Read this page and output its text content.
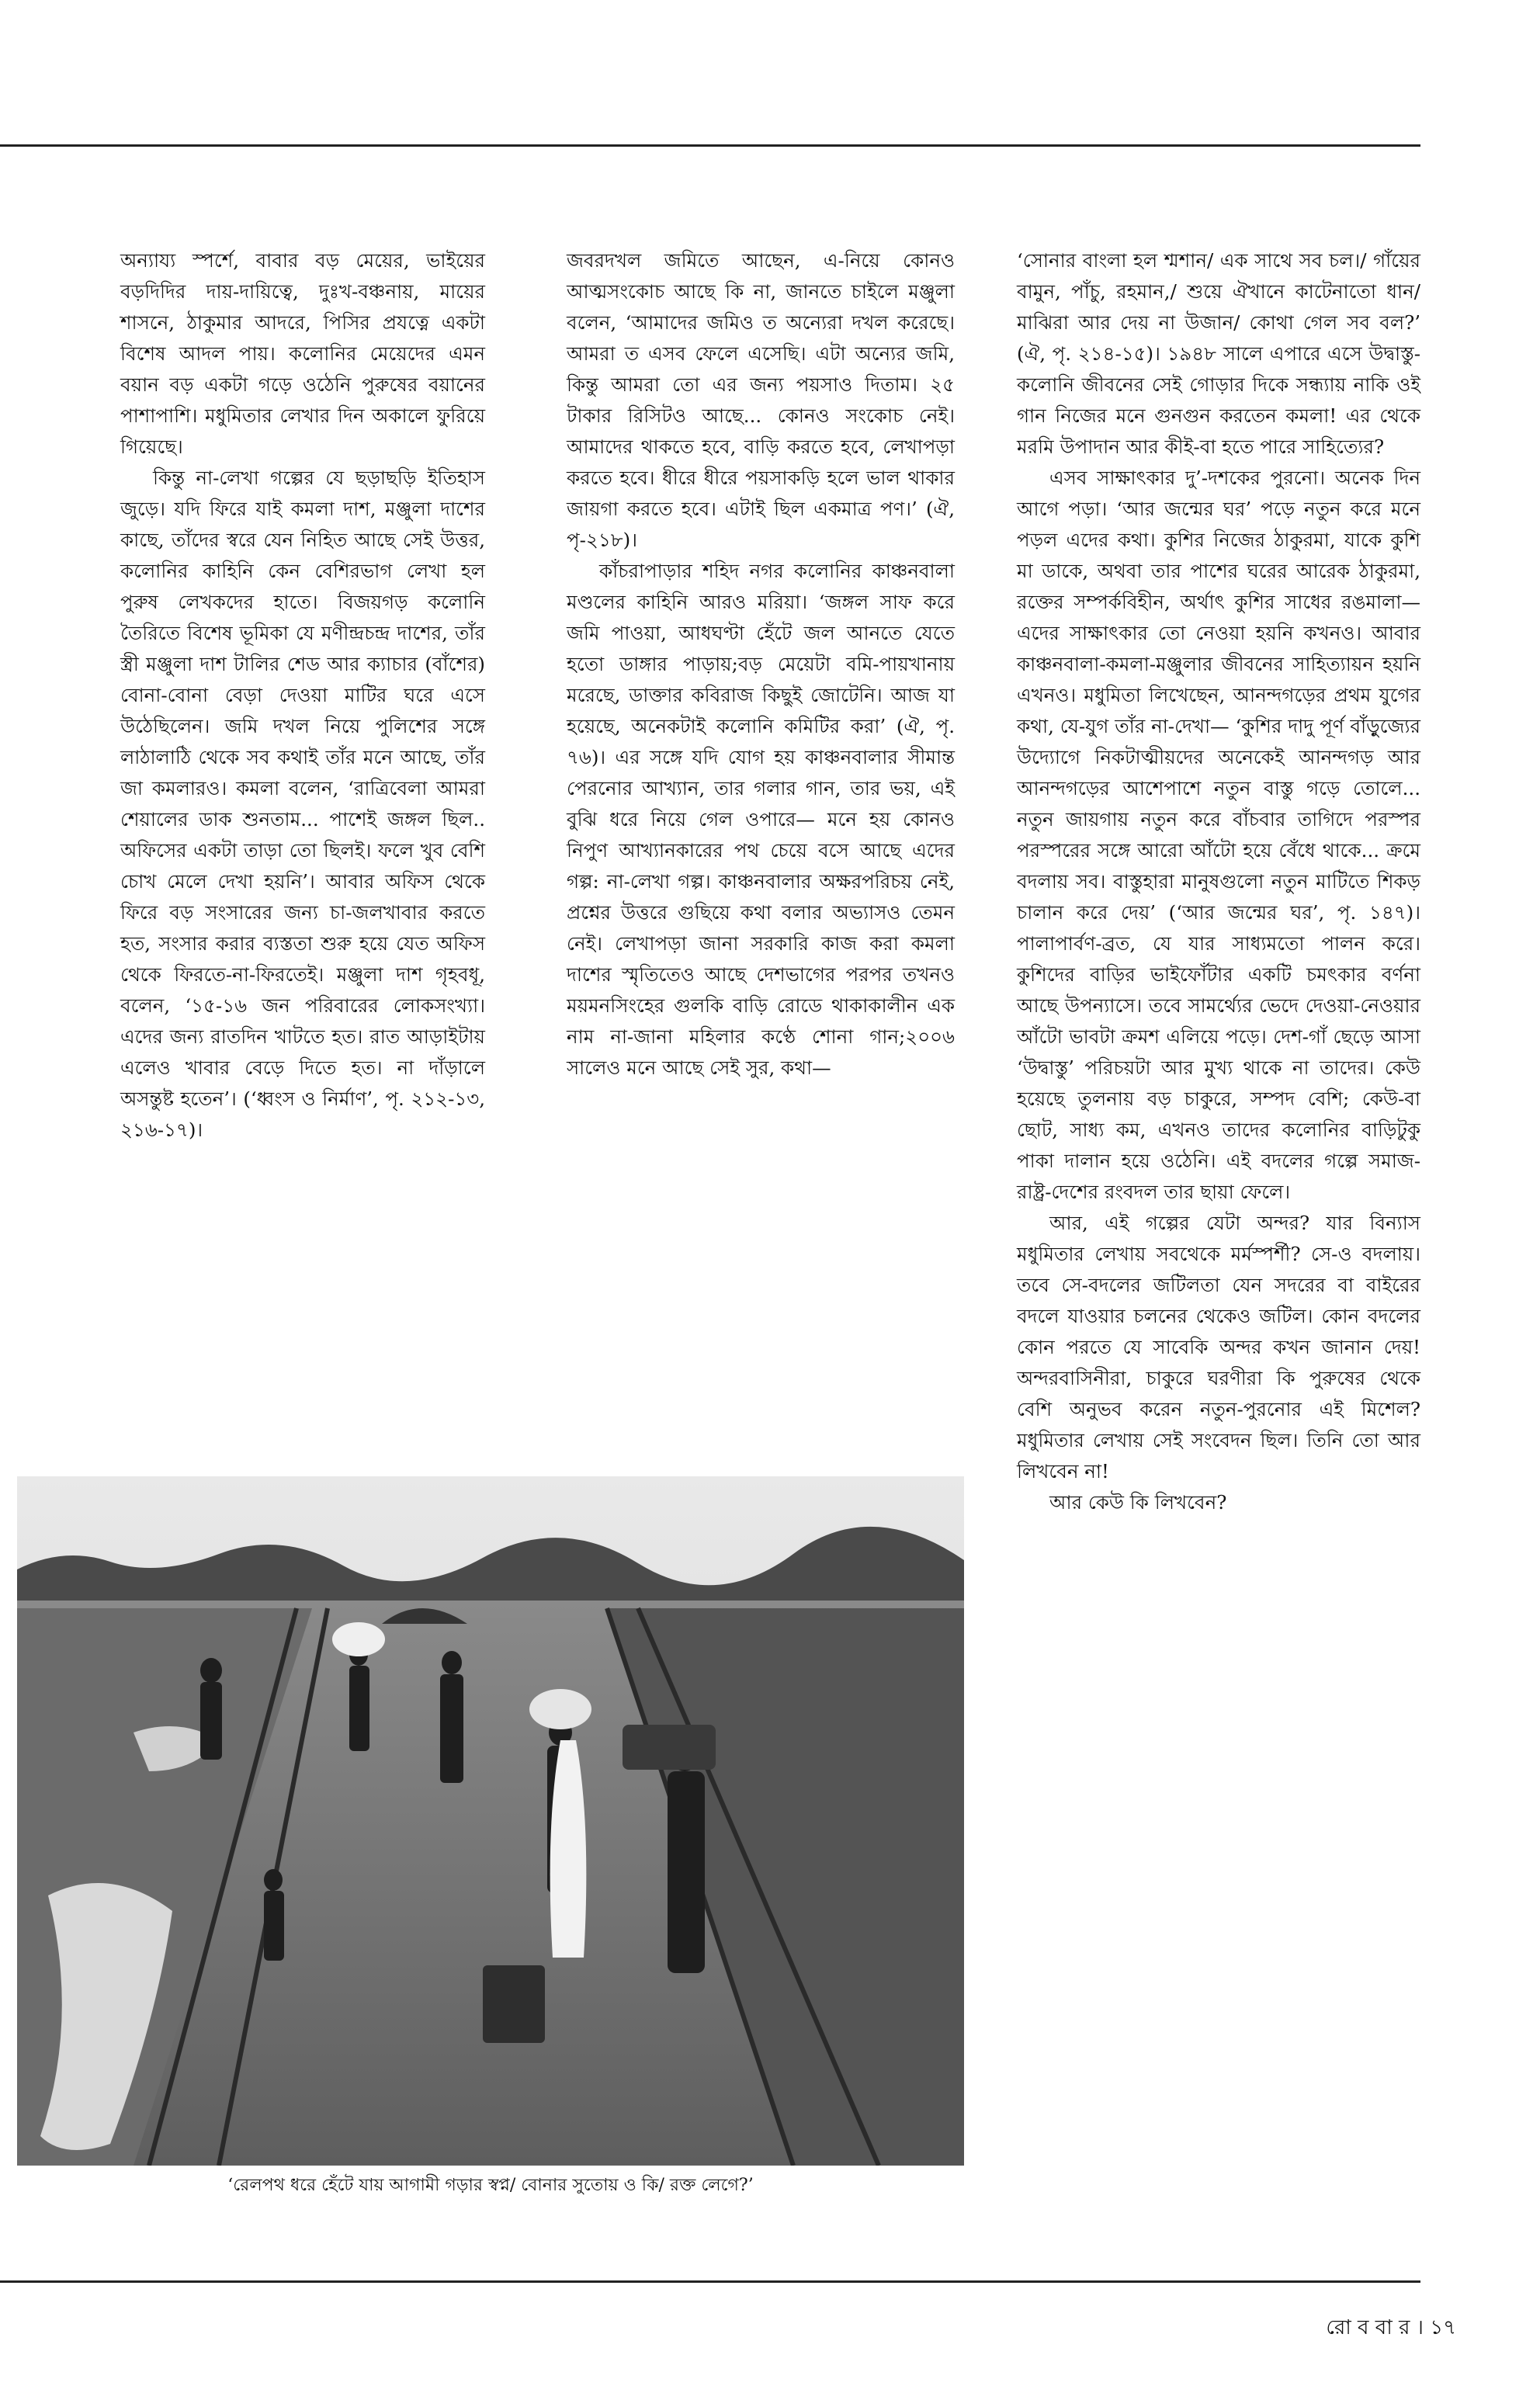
অন্যায্য স্পর্শে, বাবার বড় মেয়ের, ভাইয়ের বড়দিদির দায়-দায়িত্বে, দুঃখ-বঞ্চনায়, মায়ের শাসনে, ঠাকুমার আদরে, পিসির প্রযত্নে একটা বিশেষ আদল পায়। কলোনির মেয়েদের এমন বয়ান বড় একটা গড়ে ওঠেনি পুরুষের বয়ানের পাশাপাশি। মধুমিতার লেখার দিন অকালে ফুরিয়ে গিয়েছে।

কিন্তু না-লেখা গল্পের যে ছড়াছড়ি ইতিহাস জুড়ে। যদি ফিরে যাই কমলা দাশ, মঞ্জুলা দাশের কাছে, তাঁদের স্বরে যেন নিহিত আছে সেই উত্তর, কলোনির কাহিনি কেন বেশিরভাগ লেখা হল পুরুষ লেখকদের হাতে। বিজয়গড় কলোনি তৈরিতে বিশেষ ভূমিকা যে মণীন্দ্রচন্দ্র দাশের, তাঁর স্ত্রী মঞ্জুলা দাশ টালির শেড আর ক্যাচার (বাঁশের) বোনা-বোনা বেড়া দেওয়া মাটির ঘরে এসে উঠেছিলেন। জমি দখল নিয়ে পুলিশের সঙ্গে লাঠালাঠি থেকে সব কথাই তাঁর মনে আছে, তাঁর জা কমলারও। কমলা বলেন, ‘রাত্রিবেলা আমরা শেয়ালের ডাক শুনতাম... পাশেই জঙ্গল ছিল.. অফিসের একটা তাড়া তো ছিলই। ফলে খুব বেশি চোখ মেলে দেখা হয়নি’। আবার অফিস থেকে ফিরে বড় সংসারের জন্য চা-জলখাবার করতে হত, সংসার করার ব্যস্ততা শুরু হয়ে যেত অফিস থেকে ফিরতে-না-ফিরতেই। মঞ্জুলা দাশ গৃহবধূ, বলেন, ‘১৫-১৬ জন পরিবারের লোকসংখ্যা। এদের জন্য রাতদিন খাটতে হত। রাত আড়াইটায় এলেও খাবার বেড়ে দিতে হত। না দাঁড়ালে অসন্তুষ্ট হতেন’। (‘ধ্বংস ও নির্মাণ’, পৃ. ২১২-১৩, ২১৬-১৭)।

জবরদখল জমিতে আছেন, এ-নিয়ে কোনও আত্মসংকোচ আছে কি না, জানতে চাইলে মঞ্জুলা বলেন, ‘আমাদের জমিও ত অন্যেরা দখল করেছে। আমরা ত এসব ফেলে এসেছি। এটা অন্যের জমি, কিন্তু আমরা তো এর জন্য পয়সাও দিতাম। ২৫ টাকার রিসিটও আছে... কোনও সংকোচ নেই। আমাদের থাকতে হবে, বাড়ি করতে হবে, লেখাপড়া করতে হবে। ধীরে ধীরে পয়সাকড়ি হলে ভাল থাকার জায়গা করতে হবে। এটাই ছিল একমাত্র পণ।’ (ঐ, পৃ-২১৮)।

কাঁচরাপাড়ার শহিদ নগর কলোনির কাঞ্চনবালা মণ্ডলের কাহিনি আরও মরিয়া। ‘জঙ্গল সাফ করে জমি পাওয়া, আধঘণ্টা হেঁটে জল আনতে যেতে হতো ডাঙ্গার পাড়ায়;বড় মেয়েটা বমি-পায়খানায় মরেছে, ডাক্তার কবিরাজ কিছুই জোটেনি। আজ যা হয়েছে, অনেকটাই কলোনি কমিটির করা’ (ঐ, পৃ. ৭৬)। এর সঙ্গে যদি যোগ হয় কাঞ্চনবালার সীমান্ত পেরনোর আখ্যান, তার গলার গান, তার ভয়, এই বুঝি ধরে নিয়ে গেল ওপারে— মনে হয় কোনও নিপুণ আখ্যানকারের পথ চেয়ে বসে আছে এদের গল্প: না-লেখা গল্প। কাঞ্চনবালার অক্ষরপরিচয় নেই, প্রশ্নের উত্তরে গুছিয়ে কথা বলার অভ্যাসও তেমন নেই। লেখাপড়া জানা সরকারি কাজ করা কমলা দাশের স্মৃতিতেও আছে দেশভাগের পরপর তখনও ময়মনসিংহের গুলকি বাড়ি রোডে থাকাকালীন এক নাম না-জানা মহিলার কণ্ঠে শোনা গান;২০০৬ সালেও মনে আছে সেই সুর, কথা—

‘সোনার বাংলা হল শ্মশান/ এক সাথে সব চল।/ গাঁয়ের বামুন, পাঁচু, রহমান,/ শুয়ে ঐখানে কাটেনাতো ধান/ মাঝিরা আর দেয় না উজান/ কোথা গেল সব বল?’ (ঐ, পৃ. ২১৪-১৫)। ১৯৪৮ সালে এপারে এসে উদ্বাস্তু-কলোনি জীবনের সেই গোড়ার দিকে সন্ধ্যায় নাকি ওই গান নিজের মনে গুনগুন করতেন কমলা! এর থেকে মরমি উপাদান আর কীই-বা হতে পারে সাহিত্যের?

এসব সাক্ষাৎকার দু’-দশকের পুরনো। অনেক দিন আগে পড়া। ‘আর জন্মের ঘর’ পড়ে নতুন করে মনে পড়ল এদের কথা। কুশির নিজের ঠাকুরমা, যাকে কুশি মা ডাকে, অথবা তার পাশের ঘরের আরেক ঠাকুরমা, রক্তের সম্পর্কবিহীন, অর্থাৎ কুশির সাধের রঙমালা— এদের সাক্ষাৎকার তো নেওয়া হয়নি কখনও। আবার কাঞ্চনবালা-কমলা-মঞ্জুলার জীবনের সাহিত্যায়ন হয়নি এখনও। মধুমিতা লিখেছেন, আনন্দগড়ের প্রথম যুগের কথা, যে-যুগ তাঁর না-দেখা— ‘কুশির দাদু পূর্ণ বাঁড়ুজ্যের উদ্যোগে নিকটাত্মীয়দের অনেকেই আনন্দগড় আর আনন্দগড়ের আশেপাশে নতুন বাস্তু গড়ে তোলে... নতুন জায়গায় নতুন করে বাঁচবার তাগিদে পরস্পর পরস্পরের সঙ্গে আরো আঁটো হয়ে বেঁধে থাকে... ক্রমে বদলায় সব। বাস্তুহারা মানুষগুলো নতুন মাটিতে শিকড় চালান করে দেয়’ (‘আর জন্মের ঘর’, পৃ. ১৪৭)। পালাপার্বণ-ব্রত, যে যার সাধ্যমতো পালন করে। কুশিদের বাড়ির ভাইফোঁটার একটি চমৎকার বর্ণনা আছে উপন্যাসে। তবে সামর্থ্যের ভেদে দেওয়া-নেওয়ার আঁটো ভাবটা ক্রমশ এলিয়ে পড়ে। দেশ-গাঁ ছেড়ে আসা ‘উদ্বাস্তু’ পরিচয়টা আর মুখ্য থাকে না তাদের। কেউ হয়েছে তুলনায় বড় চাকুরে, সম্পদ বেশি; কেউ-বা ছোট, সাধ্য কম, এখনও তাদের কলোনির বাড়িটুকু পাকা দালান হয়ে ওঠেনি। এই বদলের গল্পে সমাজ-রাষ্ট্র-দেশের রংবদল তার ছায়া ফেলে।

আর, এই গল্পের যেটা অন্দর? যার বিন্যাস মধুমিতার লেখায় সবথেকে মর্মস্পর্শী? সে-ও বদলায়। তবে সে-বদলের জটিলতা যেন সদরের বা বাইরের বদলে যাওয়ার চলনের থেকেও জটিল। কোন বদলের কোন পরতে যে সাবেকি অন্দর কখন জানান দেয়! অন্দরবাসিনীরা, চাকুরে ঘরণীরা কি পুরুষের থেকে বেশি অনুভব করেন নতুন-পুরনোর এই মিশেল? মধুমিতার লেখায় সেই সংবেদন ছিল। তিনি তো আর লিখবেন না!

আর কেউ কি লিখবেন?

‘রেলপথ ধরে হেঁটে যায় আগামী গড়ার স্বপ্ন/ বোনার সুতোয় ও কি/ রক্ত লেগে?’
রো ব বা র । ১৭
